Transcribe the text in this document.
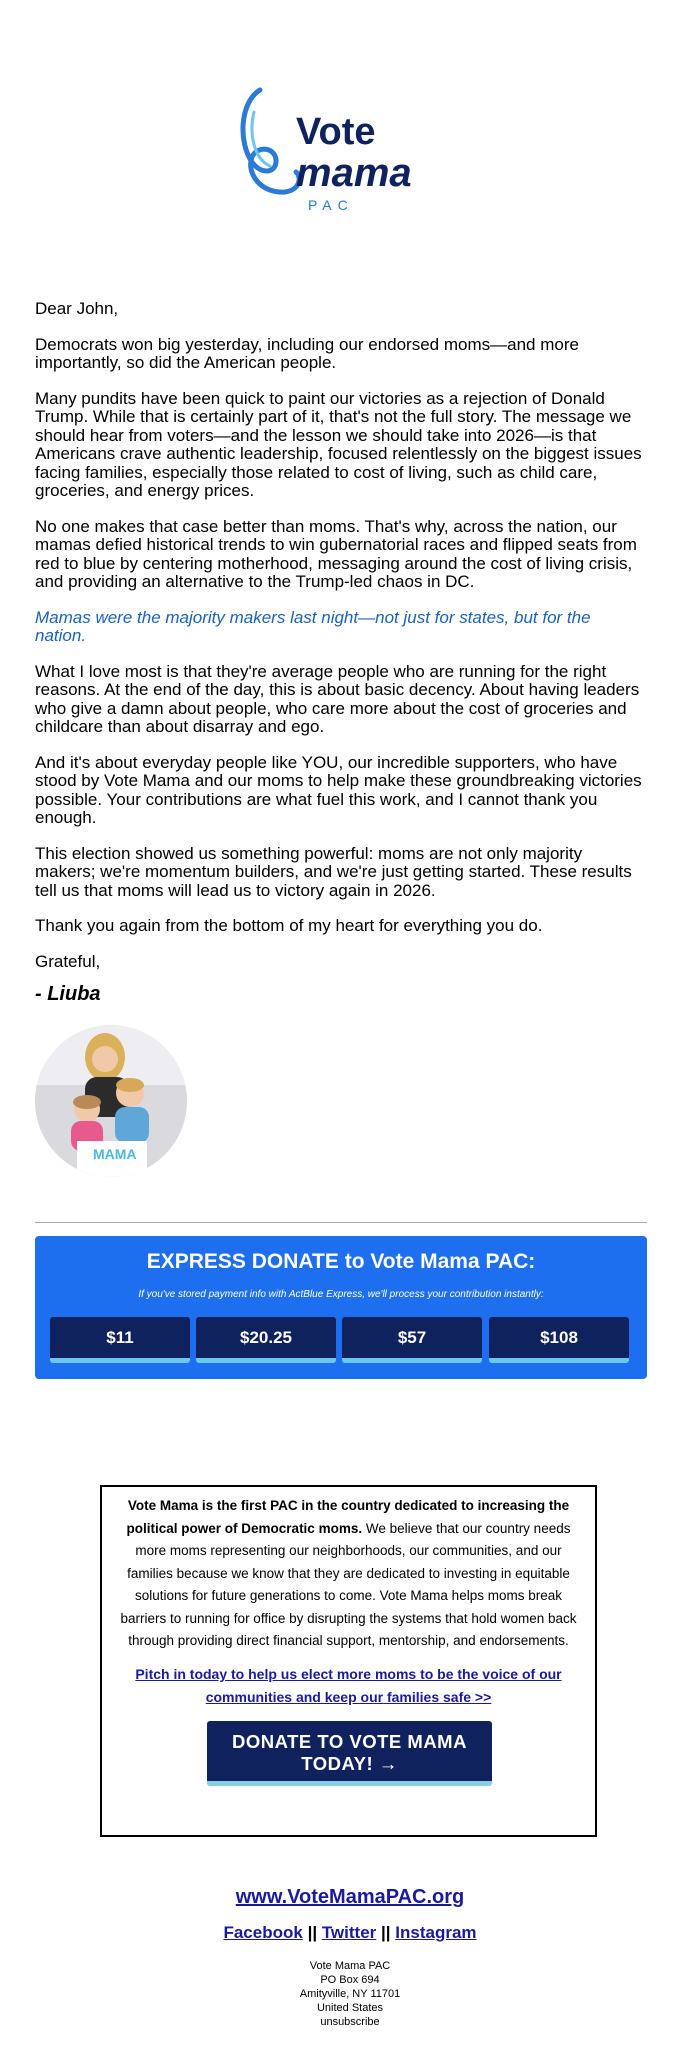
Vote
mama
PAC

Dear John,

Democrats won big yesterday, including our endorsed moms—and more importantly, so did the American people.

Many pundits have been quick to paint our victories as a rejection of Donald Trump. While that is certainly part of it, that's not the full story. The message we should hear from voters—and the lesson we should take into 2026—is that Americans crave authentic leadership, focused relentlessly on the biggest issues facing families, especially those related to cost of living, such as child care, groceries, and energy prices.

No one makes that case better than moms. That's why, across the nation, our mamas defied historical trends to win gubernatorial races and flipped seats from red to blue by centering motherhood, messaging around the cost of living crisis, and providing an alternative to the Trump-led chaos in DC.

Mamas were the majority makers last night—not just for states, but for the nation.

What I love most is that they're average people who are running for the right reasons. At the end of the day, this is about basic decency. About having leaders who give a damn about people, who care more about the cost of groceries and childcare than about disarray and ego.

And it's about everyday people like YOU, our incredible supporters, who have stood by Vote Mama and our moms to help make these groundbreaking victories possible. Your contributions are what fuel this work, and I cannot thank you enough.

This election showed us something powerful: moms are not only majority makers; we're momentum builders, and we're just getting started. These results tell us that moms will lead us to victory again in 2026.

Thank you again from the bottom of my heart for everything you do.

Grateful,

- Liuba
MAMA
EXPRESS DONATE to Vote Mama PAC:
If you've stored payment info with ActBlue Express, we'll process your contribution instantly:
$11	$20.25	$57	$108
Vote Mama is the first PAC in the country dedicated to increasing the political power of Democratic moms. We believe that our country needs more moms representing our neighborhoods, our communities, and our families because we know that they are dedicated to investing in equitable solutions for future generations to come. Vote Mama helps moms break barriers to running for office by disrupting the systems that hold women back through providing direct financial support, mentorship, and endorsements.
Pitch in today to help us elect more moms to be the voice of our communities and keep our families safe >>
DONATE TO VOTE MAMA TODAY! →
www.VoteMamaPAC.org
Facebook || Twitter || Instagram
Vote Mama PAC
PO Box 694
Amityville, NY 11701
United States
unsubscribe
